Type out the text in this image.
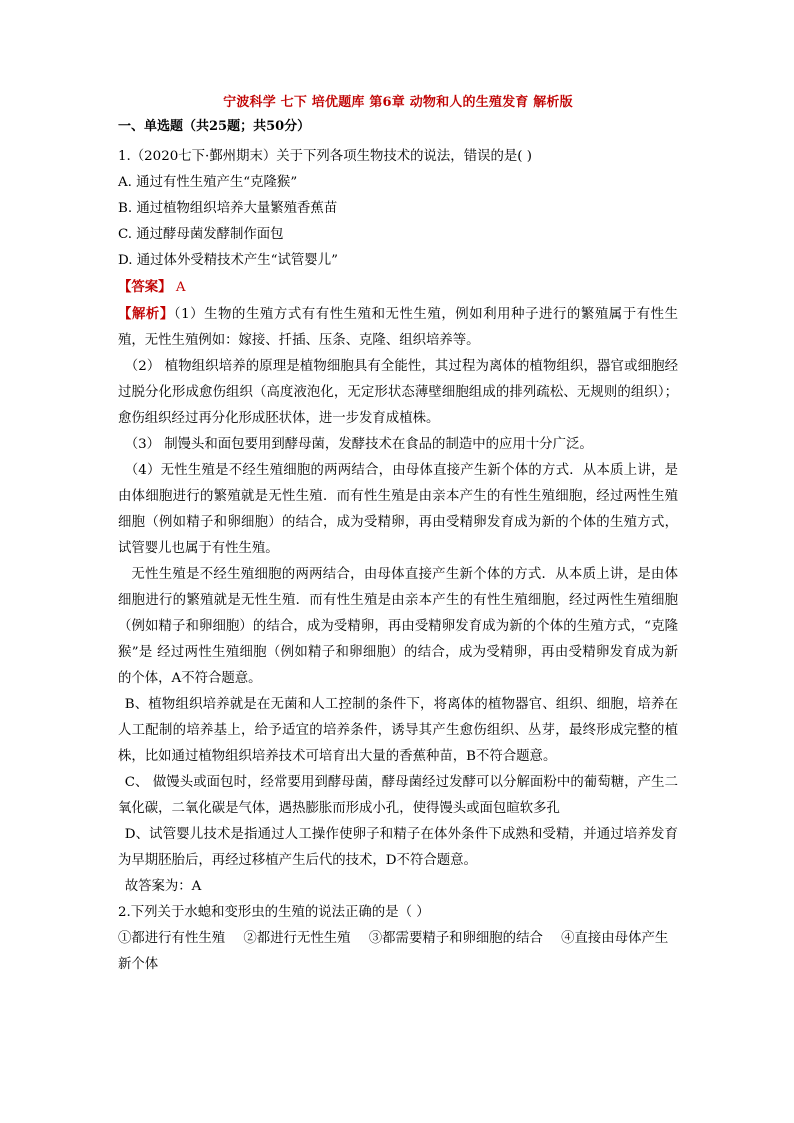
宁波科学 七下 培优题库 第6章 动物和人的生殖发育 解析版

一、单选题（共25题；共50分）

1.（2020七下·鄞州期末）关于下列各项生物技术的说法，错误的是( )

A. 通过有性生殖产生“克隆猴”

B. 通过植物组织培养大量繁殖香蕉苗

C. 通过酵母菌发酵制作面包

D. 通过体外受精技术产生“试管婴儿”

【答案】 A

【解析】（1）生物的生殖方式有有性生殖和无性生殖，例如利用种子进行的繁殖属于有性生殖，无性生殖例如：嫁接、扦插、压条、克隆、组织培养等。

（2） 植物组织培养的原理是植物细胞具有全能性，其过程为离体的植物组织，器官或细胞经过脱分化形成愈伤组织（高度液泡化，无定形状态薄壁细胞组成的排列疏松、无规则的组织）；愈伤组织经过再分化形成胚状体，进一步发育成植株。

（3） 制馒头和面包要用到酵母菌，发酵技术在食品的制造中的应用十分广泛。

（4）无性生殖是不经生殖细胞的两两结合，由母体直接产生新个体的方式．从本质上讲，是由体细胞进行的繁殖就是无性生殖．而有性生殖是由亲本产生的有性生殖细胞，经过两性生殖细胞（例如精子和卵细胞）的结合，成为受精卵，再由受精卵发育成为新的个体的生殖方式，试管婴儿也属于有性生殖。

无性生殖是不经生殖细胞的两两结合，由母体直接产生新个体的方式．从本质上讲，是由体细胞进行的繁殖就是无性生殖．而有性生殖是由亲本产生的有性生殖细胞，经过两性生殖细胞（例如精子和卵细胞）的结合，成为受精卵，再由受精卵发育成为新的个体的生殖方式，“克隆猴”是 经过两性生殖细胞（例如精子和卵细胞）的结合，成为受精卵，再由受精卵发育成为新的个体，A不符合题意。

B、植物组织培养就是在无菌和人工控制的条件下，将离体的植物器官、组织、细胞，培养在人工配制的培养基上，给予适宜的培养条件，诱导其产生愈伤组织、丛芽，最终形成完整的植株，比如通过植物组织培养技术可培育出大量的香蕉种苗，B不符合题意。

C、 做馒头或面包时，经常要用到酵母菌，酵母菌经过发酵可以分解面粉中的葡萄糖，产生二氧化碳，二氧化碳是气体，遇热膨胀而形成小孔，使得馒头或面包暄软多孔

D、试管婴儿技术是指通过人工操作使卵子和精子在体外条件下成熟和受精，并通过培养发育为早期胚胎后，再经过移植产生后代的技术，D不符合题意。

故答案为：A

2.下列关于水螅和变形虫的生殖的说法正确的是（ ）

①都进行有性生殖 ②都进行无性生殖 ③都需要精子和卵细胞的结合 ④直接由母体产生新个体
